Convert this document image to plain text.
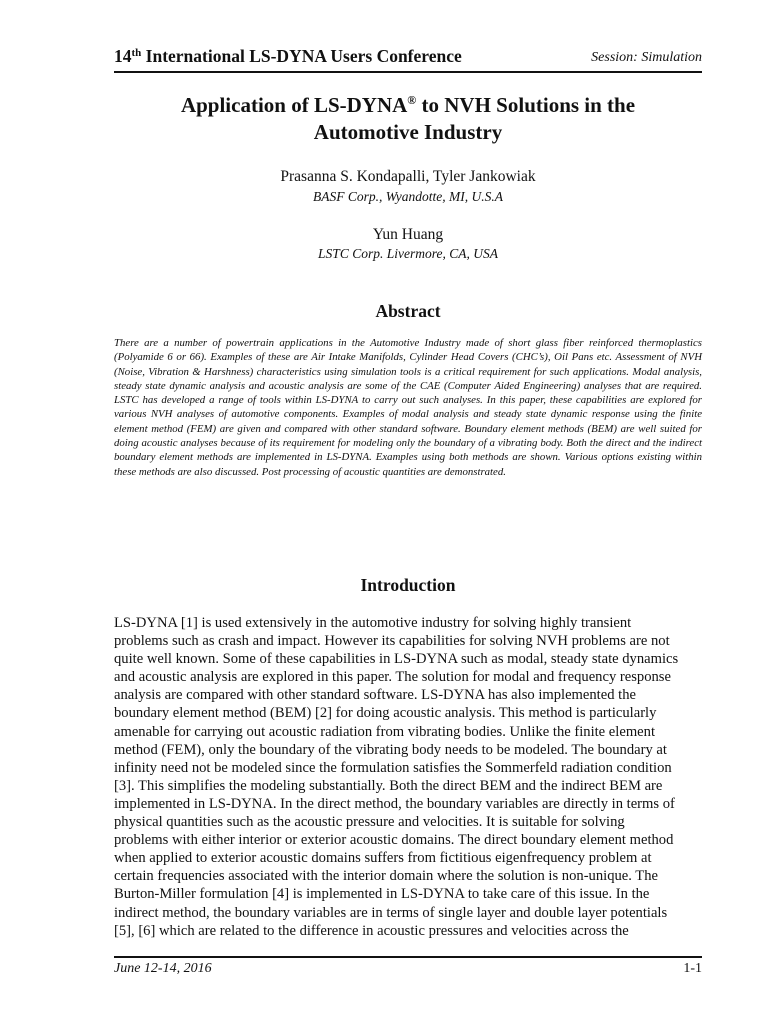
14th International LS-DYNA Users Conference	Session: Simulation
Application of LS-DYNA® to NVH Solutions in the
Automotive Industry
Prasanna S. Kondapalli, Tyler Jankowiak
BASF Corp., Wyandotte, MI, U.S.A
Yun Huang
LSTC Corp. Livermore, CA, USA
Abstract
There are a number of powertrain applications in the Automotive Industry made of short glass fiber reinforced thermoplastics (Polyamide 6 or 66). Examples of these are Air Intake Manifolds, Cylinder Head Covers (CHC’s), Oil Pans etc. Assessment of NVH (Noise, Vibration & Harshness) characteristics using simulation tools is a critical requirement for such applications. Modal analysis, steady state dynamic analysis and acoustic analysis are some of the CAE (Computer Aided Engineering) analyses that are required. LSTC has developed a range of tools within LS-DYNA to carry out such analyses. In this paper, these capabilities are explored for various NVH analyses of automotive components. Examples of modal analysis and steady state dynamic response using the finite element method (FEM) are given and compared with other standard software. Boundary element methods (BEM) are well suited for doing acoustic analyses because of its requirement for modeling only the boundary of a vibrating body. Both the direct and the indirect boundary element methods are implemented in LS-DYNA. Examples using both methods are shown. Various options existing within these methods are also discussed. Post processing of acoustic quantities are demonstrated.
Introduction
LS-DYNA [1] is used extensively in the automotive industry for solving highly transient
problems such as crash and impact. However its capabilities for solving NVH problems are not
quite well known. Some of these capabilities in LS-DYNA such as modal, steady state dynamics
and acoustic analysis are explored in this paper. The solution for modal and frequency response
analysis are compared with other standard software. LS-DYNA has also implemented the
boundary element method (BEM) [2] for doing acoustic analysis. This method is particularly
amenable for carrying out acoustic radiation from vibrating bodies. Unlike the finite element
method (FEM), only the boundary of the vibrating body needs to be modeled. The boundary at
infinity need not be modeled since the formulation satisfies the Sommerfeld radiation condition
[3]. This simplifies the modeling substantially. Both the direct BEM and the indirect BEM are
implemented in LS-DYNA. In the direct method, the boundary variables are directly in terms of
physical quantities such as the acoustic pressure and velocities. It is suitable for solving
problems with either interior or exterior acoustic domains. The direct boundary element method
when applied to exterior acoustic domains suffers from fictitious eigenfrequency problem at
certain frequencies associated with the interior domain where the solution is non-unique. The
Burton-Miller formulation [4] is implemented in LS-DYNA to take care of this issue. In the
indirect method, the boundary variables are in terms of single layer and double layer potentials
[5], [6] which are related to the difference in acoustic pressures and velocities across the
June 12-14, 2016	1-1
